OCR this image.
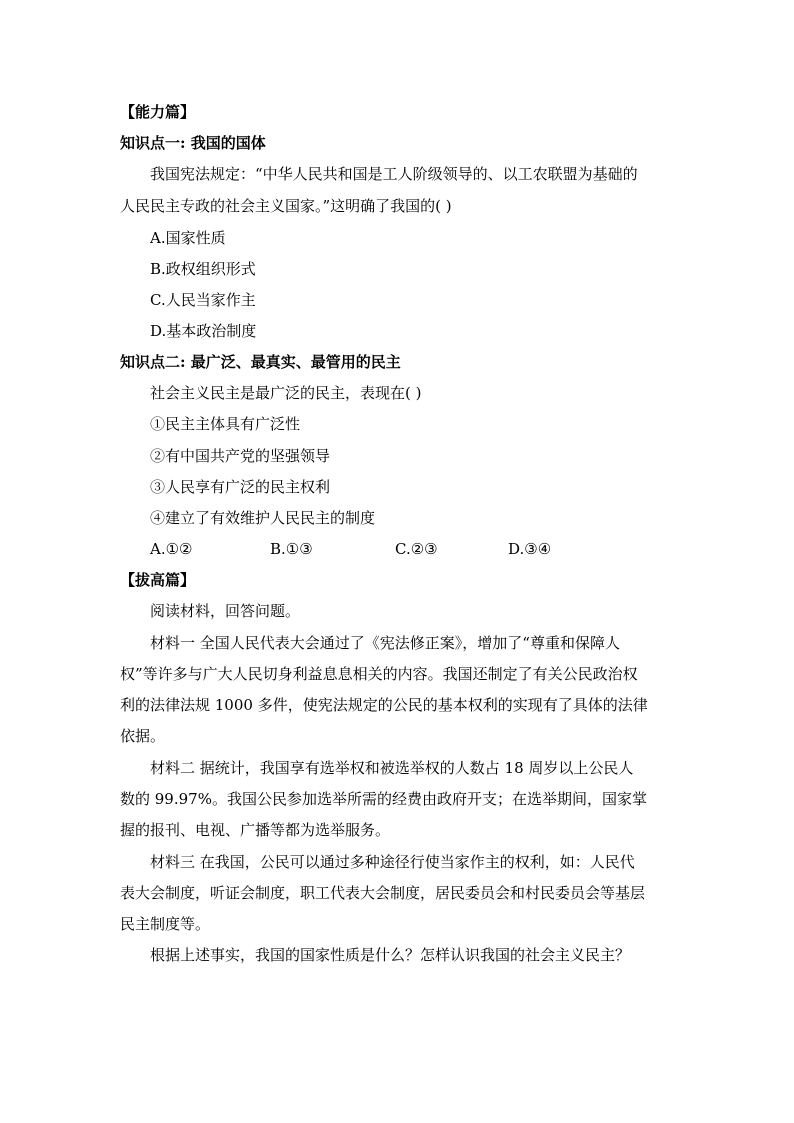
【能力篇】
知识点一: 我国的国体
我国宪法规定：“中华人民共和国是工人阶级领导的、以工农联盟为基础的
人民民主专政的社会主义国家。”这明确了我国的( )
A.国家性质
B.政权组织形式
C.人民当家作主
D.基本政治制度
知识点二: 最广泛、最真实、最管用的民主
社会主义民主是最广泛的民主，表现在( )
①民主主体具有广泛性
②有中国共产党的坚强领导
③人民享有广泛的民主权利
④建立了有效维护人民民主的制度
A.①②	B.①③	C.②③	D.③④
【拔高篇】
阅读材料，回答问题。
材料一 全国人民代表大会通过了《宪法修正案》，增加了“尊重和保障人
权”等许多与广大人民切身利益息息相关的内容。我国还制定了有关公民政治权
利的法律法规 1000 多件，使宪法规定的公民的基本权利的实现有了具体的法律
依据。
材料二 据统计，我国享有选举权和被选举权的人数占 18 周岁以上公民人
数的 99.97%。我国公民参加选举所需的经费由政府开支；在选举期间，国家掌
握的报刊、电视、广播等都为选举服务。
材料三 在我国，公民可以通过多种途径行使当家作主的权利，如：人民代
表大会制度，听证会制度，职工代表大会制度，居民委员会和村民委员会等基层
民主制度等。
根据上述事实，我国的国家性质是什么？怎样认识我国的社会主义民主？
